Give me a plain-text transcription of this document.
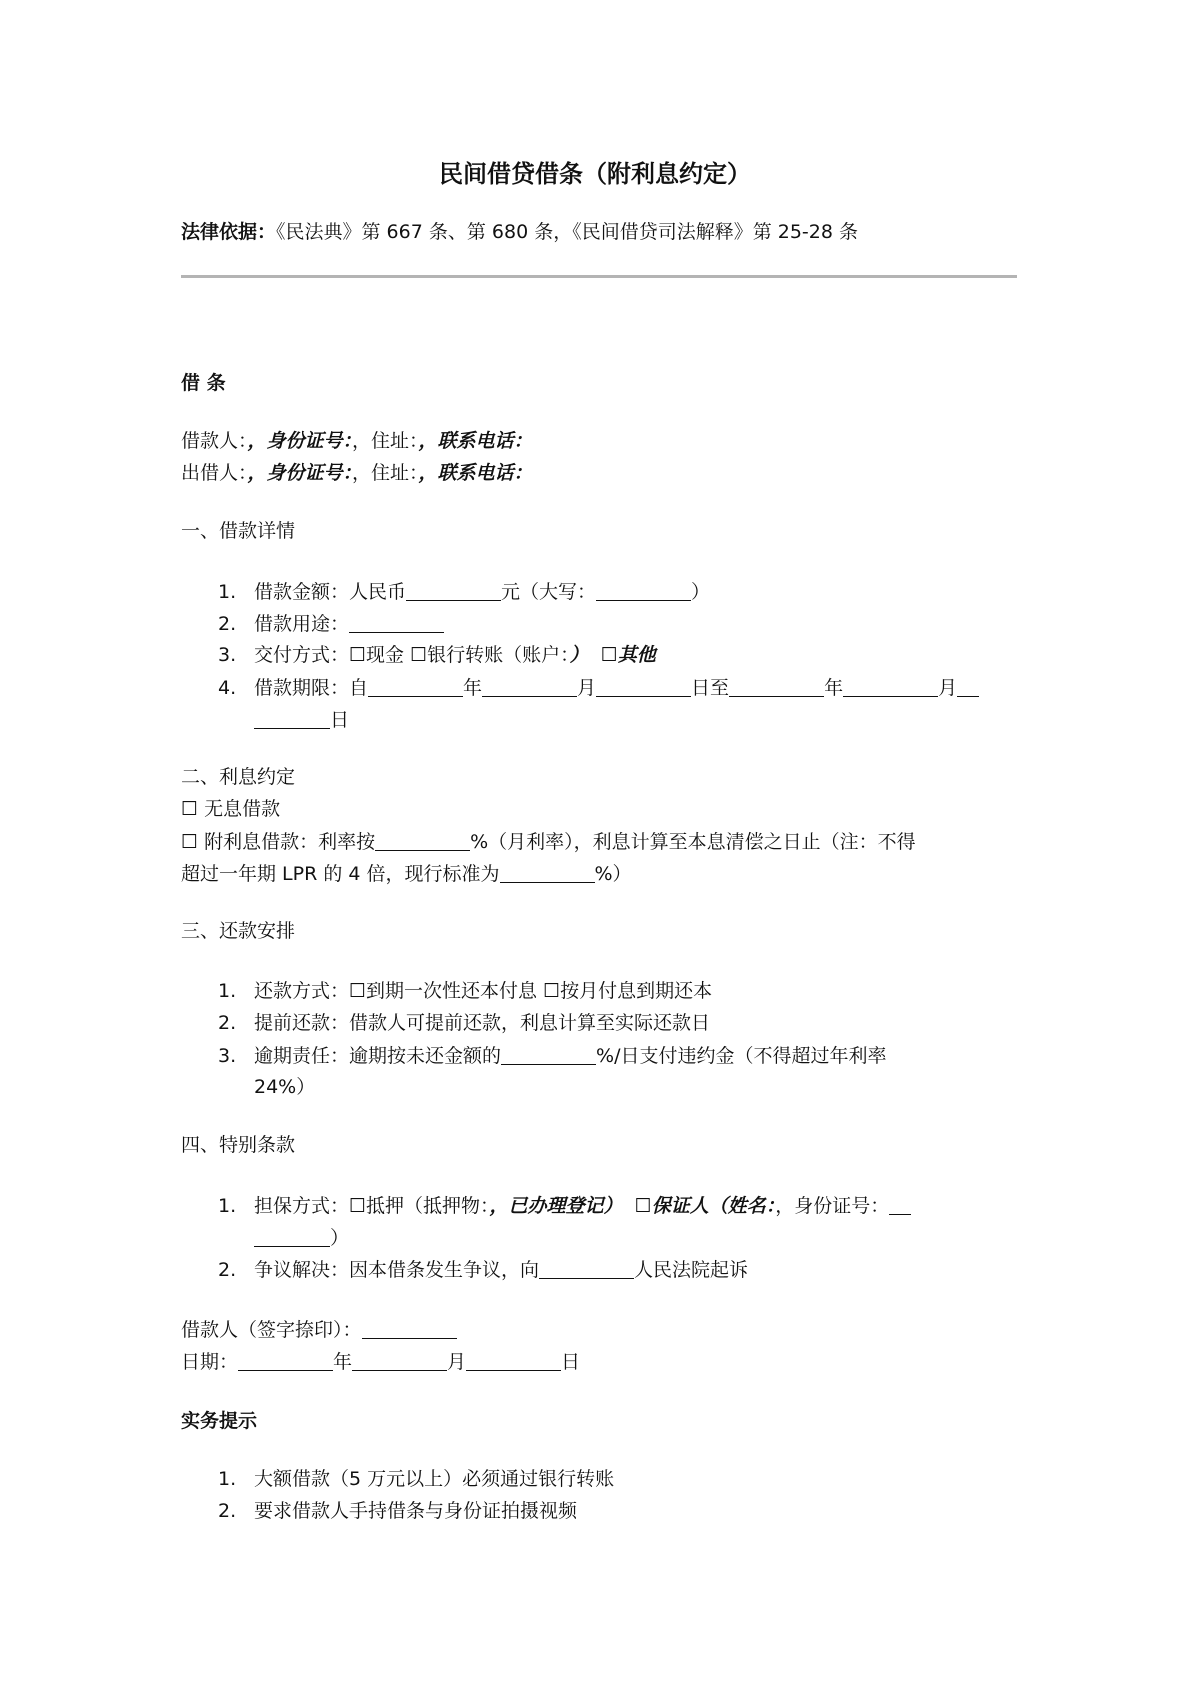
民间借贷借条（附利息约定）
法律依据：《民法典》第 667 条、第 680 条，《民间借贷司法解释》第 25-28 条
借 条
借款人：，身份证号：，住址：，联系电话：
出借人：，身份证号：，住址：，联系电话：
一、借款详情
1. 借款金额：人民币	元（大写：	）
2. 借款用途：
3. 交付方式：☐现金 ☐银行转账（账户：） ☐其他
4. 借款期限：自	年	月	日至	年	月
日
二、利息约定
☐ 无息借款
☐ 附利息借款：利率按	%（月利率），利息计算至本息清偿之日止（注：不得
超过一年期 LPR 的 4 倍，现行标准为	%）
三、还款安排
1. 还款方式：☐到期一次性还本付息 ☐按月付息到期还本
2. 提前还款：借款人可提前还款，利息计算至实际还款日
3. 逾期责任：逾期按未还金额的	%/日支付违约金（不得超过年利率
24%）
四、特别条款
1. 担保方式：☐抵押（抵押物：，已办理登记） ☐保证人（姓名：，身份证号：
）
2. 争议解决：因本借条发生争议，向	人民法院起诉
借款人（签字捺印）：
日期：	年	月	日
实务提示
1. 大额借款（5 万元以上）必须通过银行转账
2. 要求借款人手持借条与身份证拍摄视频
